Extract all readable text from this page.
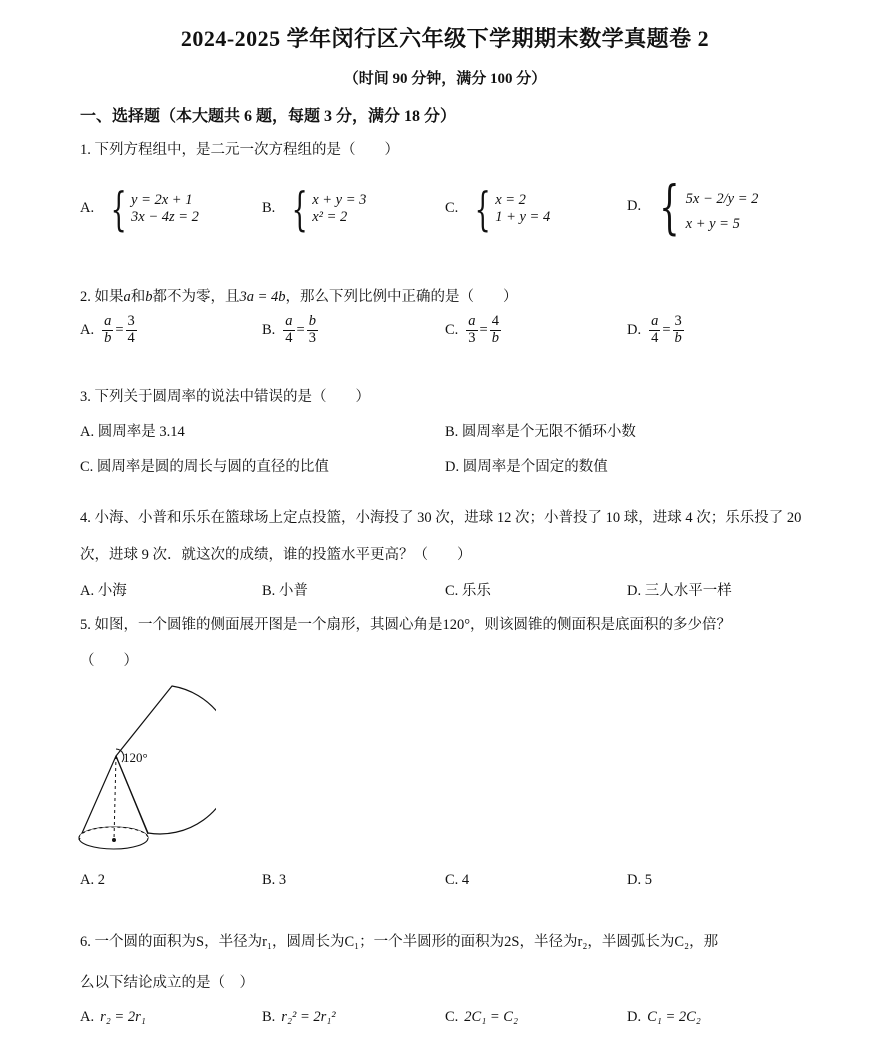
2024-2025 学年闵行区六年级下学期期末数学真题卷 2
（时间 90 分钟，满分 100 分）
一、选择题（本大题共 6 题，每题 3 分，满分 18 分）
1. 下列方程组中，是二元一次方程组的是（　　）
A. { y = 2x + 1
3x − 4z = 2
B. { x + y = 3
x² = 2
C. { x = 2
1 + y = 4
D. { 5x − 2/y = 2
x + y = 5
2. 如果a和b都不为零，且3a = 4b，那么下列比例中正确的是（　　）
A. $\frac{a}{b} = \frac{3}{4}$	B. $\frac{a}{4} = \frac{b}{3}$	C. $\frac{a}{3} = \frac{4}{b}$	D. $\frac{a}{4} = \frac{3}{b}$
3. 下列关于圆周率的说法中错误的是（　　）
A. 圆周率是 3.14	B. 圆周率是个无限不循环小数
C. 圆周率是圆的周长与圆的直径的比值	D. 圆周率是个固定的数值
4. 小海、小普和乐乐在篮球场上定点投篮，小海投了 30 次，进球 12 次；小普投了 10 球，进球 4 次；乐乐投了 20 次，进球 9 次．就这次的成绩，谁的投篮水平更高？（　　）
A. 小海	B. 小普	C. 乐乐	D. 三人水平一样
5. 如图，一个圆锥的侧面展开图是一个扇形，其圆心角是120°，则该圆锥的侧面积是底面积的多少倍？
（　　）
120°
A. 2	B. 3	C. 4	D. 5
6. 一个圆的面积为S，半径为r₁，圆周长为C₁；一个半圆形的面积为2S，半径为r₂，半圆弧长为C₂，那
么以下结论成立的是（　）
A. r₂ = 2r₁	B. r₂² = 2r₁²	C. 2C₁ = C₂	D. C₁ = 2C₂
